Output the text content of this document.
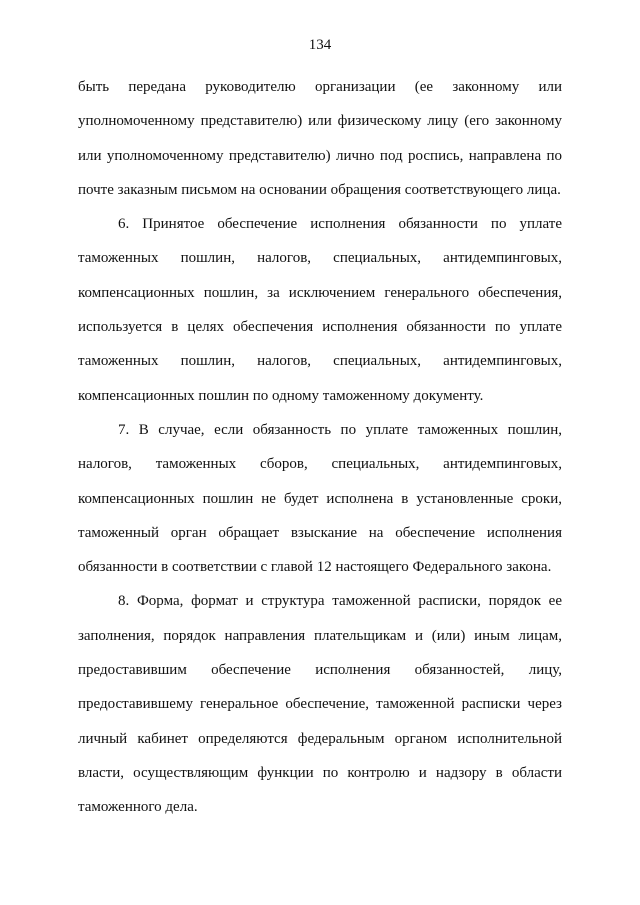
134
быть передана руководителю организации (ее законному или
уполномоченному представителю) или физическому лицу (его законному
или уполномоченному представителю) лично под роспись, направлена по
почте заказным письмом на основании обращения соответствующего лица.
6. Принятое обеспечение исполнения обязанности по уплате
таможенных пошлин, налогов, специальных, антидемпинговых,
компенсационных пошлин, за исключением генерального обеспечения,
используется в целях обеспечения исполнения обязанности по уплате
таможенных пошлин, налогов, специальных, антидемпинговых,
компенсационных пошлин по одному таможенному документу.
7. В случае, если обязанность по уплате таможенных пошлин,
налогов, таможенных сборов, специальных, антидемпинговых,
компенсационных пошлин не будет исполнена в установленные сроки,
таможенный орган обращает взыскание на обеспечение исполнения
обязанности в соответствии с главой 12 настоящего Федерального закона.
8. Форма, формат и структура таможенной расписки, порядок ее
заполнения, порядок направления плательщикам и (или) иным лицам,
предоставившим обеспечение исполнения обязанностей, лицу,
предоставившему генеральное обеспечение, таможенной расписки через
личный кабинет определяются федеральным органом исполнительной
власти, осуществляющим функции по контролю и надзору в области
таможенного дела.
